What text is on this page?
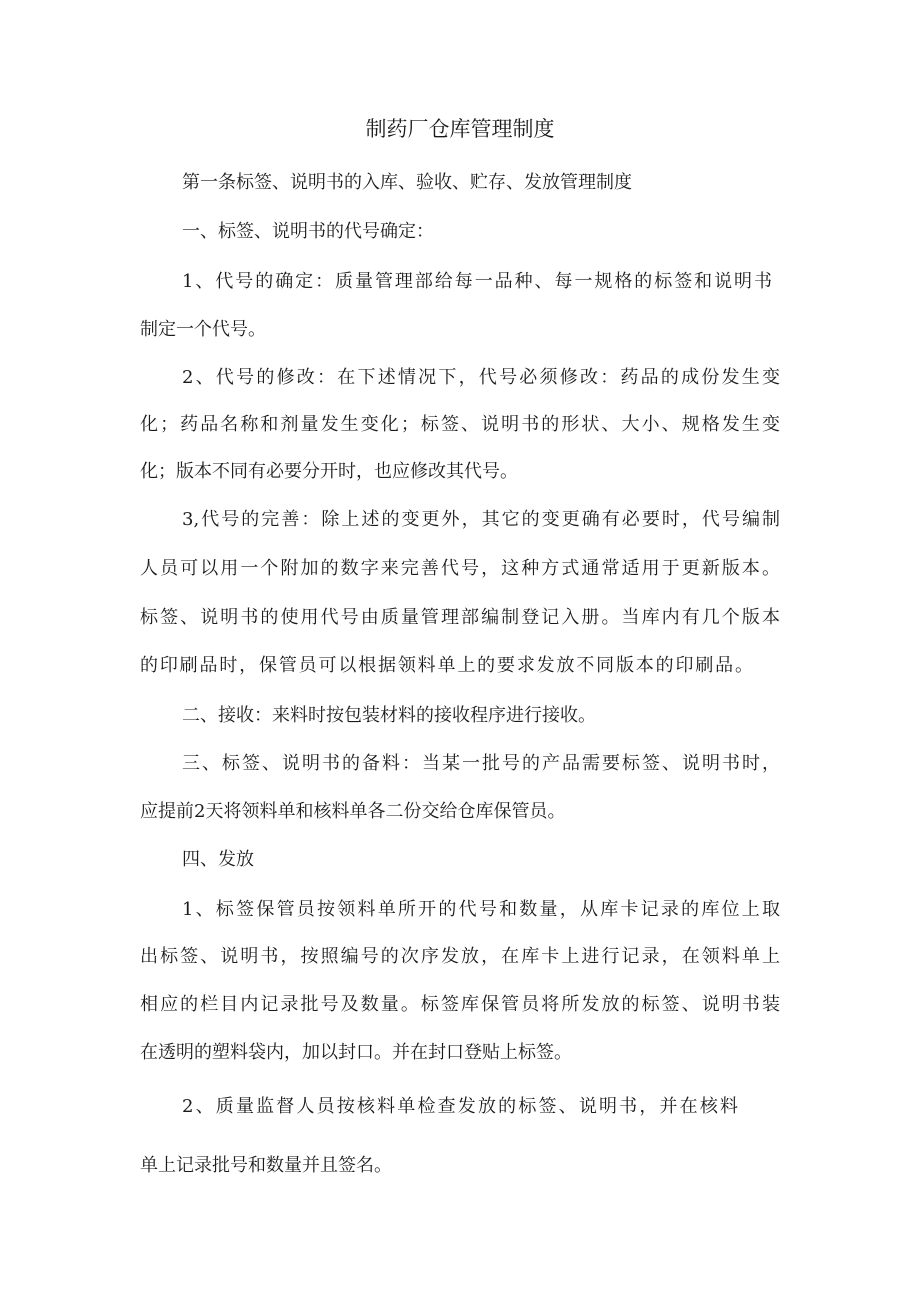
制药厂仓库管理制度

第一条标签、说明书的入库、验收、贮存、发放管理制度

一、标签、说明书的代号确定：

1、代号的确定：质量管理部给每一品种、每一规格的标签和说明书

制定一个代号。

2、代号的修改：在下述情况下，代号必须修改：药品的成份发生变

化；药品名称和剂量发生变化；标签、说明书的形状、大小、规格发生变

化；版本不同有必要分开时，也应修改其代号。

3,代号的完善：除上述的变更外，其它的变更确有必要时，代号编制

人员可以用一个附加的数字来完善代号，这种方式通常适用于更新版本。

标签、说明书的使用代号由质量管理部编制登记入册。当库内有几个版本

的印刷品时，保管员可以根据领料单上的要求发放不同版本的印刷品。

二、接收：来料时按包装材料的接收程序进行接收。

三、标签、说明书的备料：当某一批号的产品需要标签、说明书时，

应提前2天将领料单和核料单各二份交给仓库保管员。

四、发放

1、标签保管员按领料单所开的代号和数量，从库卡记录的库位上取

出标签、说明书，按照编号的次序发放，在库卡上进行记录，在领料单上

相应的栏目内记录批号及数量。标签库保管员将所发放的标签、说明书装

在透明的塑料袋内，加以封口。并在封口登贴上标签。

2、质量监督人员按核料单检查发放的标签、说明书，并在核料

单上记录批号和数量并且签名。
